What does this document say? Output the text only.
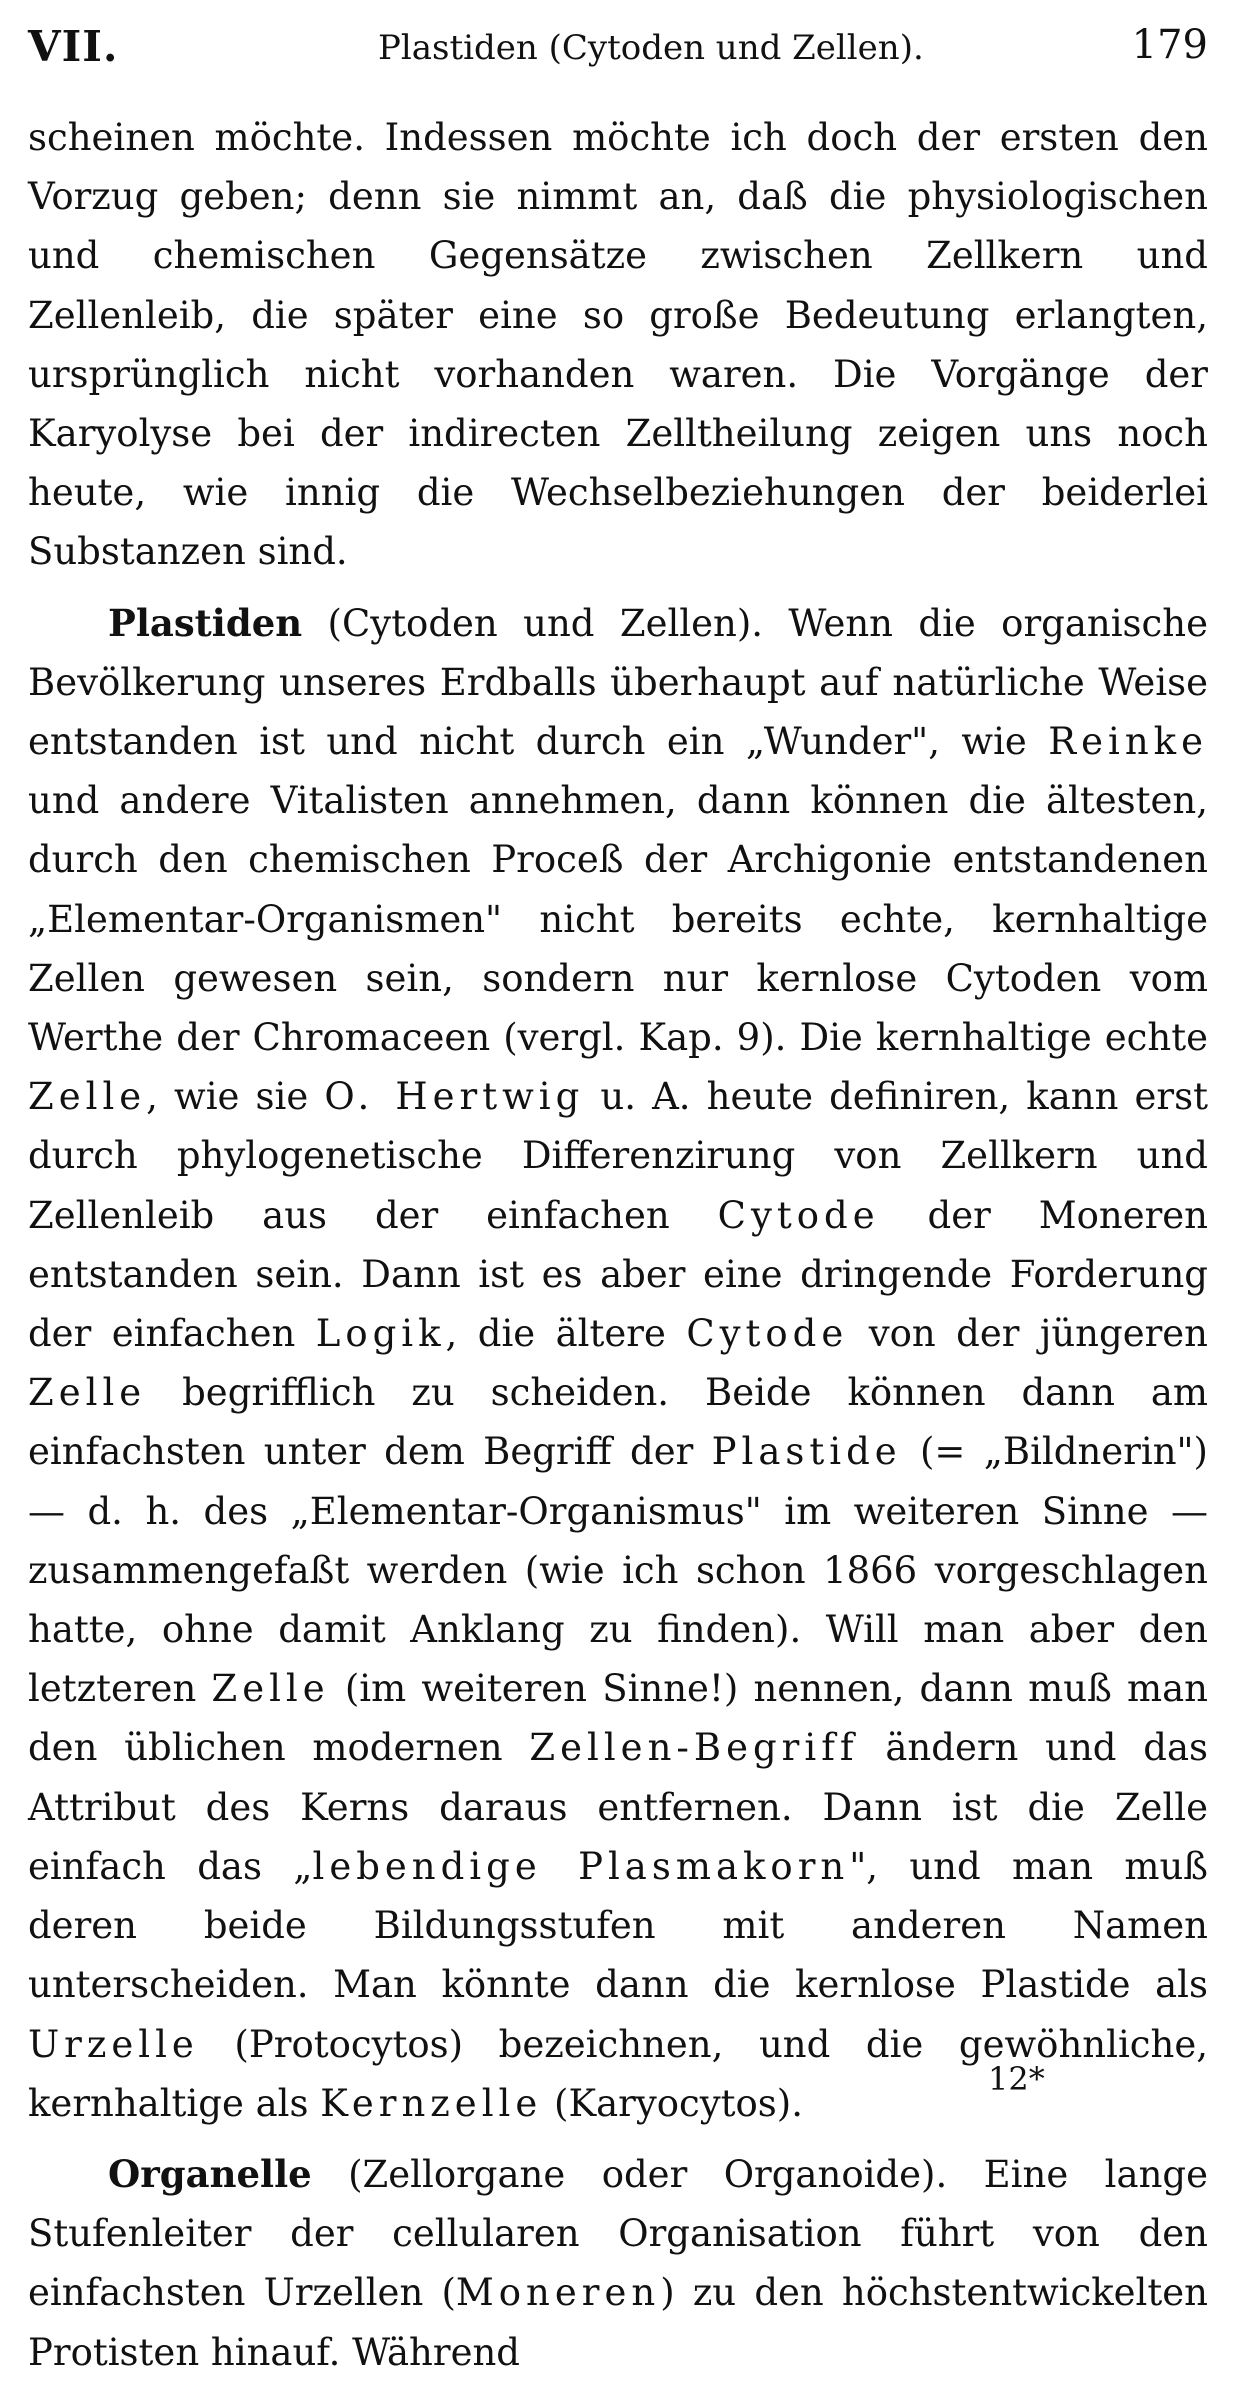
VII.	Plastiden (Cytoden und Zellen).	179

scheinen möchte. Indessen möchte ich doch der ersten den Vorzug geben; denn sie nimmt an, daß die physiologischen und chemischen Gegensätze zwischen Zellkern und Zellenleib, die später eine so große Bedeutung erlangten, ursprünglich nicht vorhanden waren. Die Vorgänge der Karyolyse bei der indirecten Zelltheilung zeigen uns noch heute, wie innig die Wechselbeziehungen der beiderlei Substanzen sind.

Plastiden (Cytoden und Zellen). Wenn die organische Bevölkerung unseres Erdballs überhaupt auf natürliche Weise entstanden ist und nicht durch ein „Wunder", wie Reinke und andere Vitalisten annehmen, dann können die ältesten, durch den chemischen Proceß der Archigonie entstandenen „Elementar-Organismen" nicht bereits echte, kernhaltige Zellen gewesen sein, sondern nur kernlose Cytoden vom Werthe der Chromaceen (vergl. Kap. 9). Die kernhaltige echte Zelle, wie sie O. Hertwig u. A. heute definiren, kann erst durch phylogenetische Differenzirung von Zellkern und Zellenleib aus der einfachen Cytode der Moneren entstanden sein. Dann ist es aber eine dringende Forderung der einfachen Logik, die ältere Cytode von der jüngeren Zelle begrifflich zu scheiden. Beide können dann am einfachsten unter dem Begriff der Plastide (= „Bildnerin") — d. h. des „Elementar-Organismus" im weiteren Sinne — zusammengefaßt werden (wie ich schon 1866 vorgeschlagen hatte, ohne damit Anklang zu finden). Will man aber den letzteren Zelle (im weiteren Sinne!) nennen, dann muß man den üblichen modernen Zellen-Begriff ändern und das Attribut des Kerns daraus entfernen. Dann ist die Zelle einfach das „lebendige Plasmakorn", und man muß deren beide Bildungsstufen mit anderen Namen unterscheiden. Man könnte dann die kernlose Plastide als Urzelle (Protocytos) bezeichnen, und die gewöhnliche, kernhaltige als Kernzelle (Karyocytos).

Organelle (Zellorgane oder Organoide). Eine lange Stufenleiter der cellularen Organisation führt von den einfachsten Urzellen (Moneren) zu den höchstentwickelten Protisten hinauf. Während

12*
